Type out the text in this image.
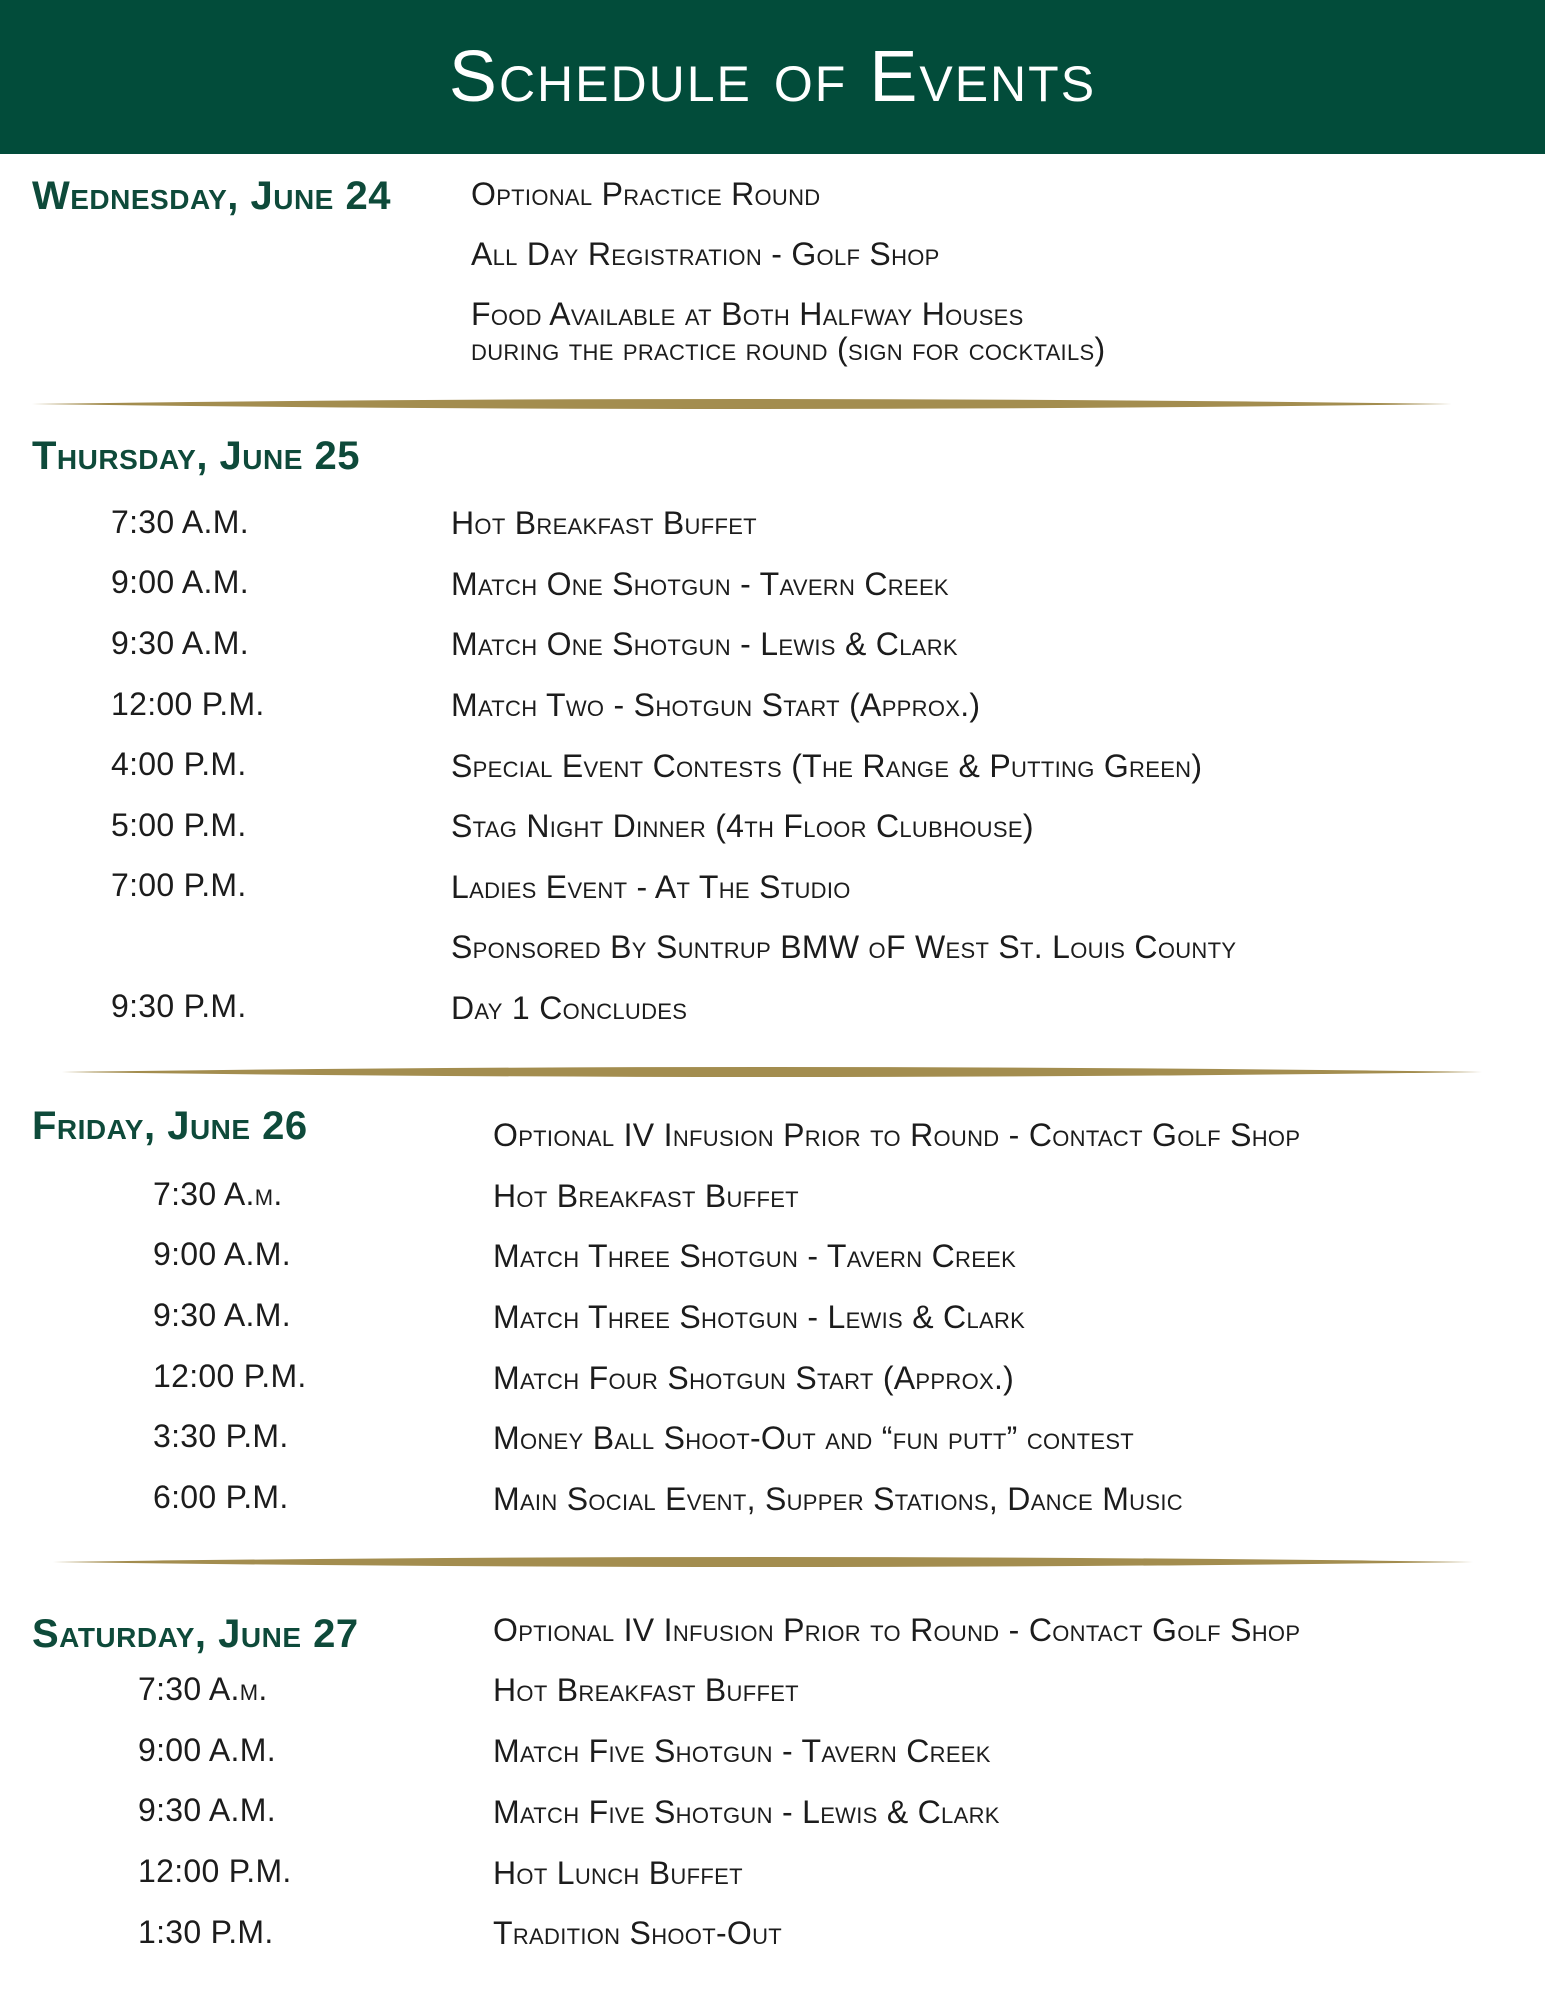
Schedule of Events
Wednesday, June 24	Optional Practice Round
All Day Registration - Golf Shop
Food Available at Both Halfway Houses
during the practice round (sign for cocktails)
Thursday, June 25
7:30 A.M.	Hot Breakfast Buffet
9:00 A.M.	Match One Shotgun - Tavern Creek
9:30 A.M.	Match One Shotgun - Lewis & Clark
12:00 P.M.	Match Two - Shotgun Start (Approx.)
4:00 P.M.	Special Event Contests (The Range & Putting Green)
5:00 P.M.	Stag Night Dinner (4th Floor Clubhouse)
7:00 P.M.	Ladies Event - At The Studio
Sponsored By Suntrup BMW oF West St. Louis County
9:30 P.M.	Day 1 Concludes
Friday, June 26	Optional IV Infusion Prior to Round - Contact Golf Shop
7:30 A.m.	Hot Breakfast Buffet
9:00 A.M.	Match Three Shotgun - Tavern Creek
9:30 A.M.	Match Three Shotgun - Lewis & Clark
12:00 P.M.	Match Four Shotgun Start (Approx.)
3:30 P.M.	Money Ball Shoot-Out and “fun putt” contest
6:00 P.M.	Main Social Event, Supper Stations, Dance Music
Saturday, June 27	Optional IV Infusion Prior to Round - Contact Golf Shop
7:30 A.m.	Hot Breakfast Buffet
9:00 A.M.	Match Five Shotgun - Tavern Creek
9:30 A.M.	Match Five Shotgun - Lewis & Clark
12:00 P.M.	Hot Lunch Buffet
1:30 P.M.	Tradition Shoot-Out
